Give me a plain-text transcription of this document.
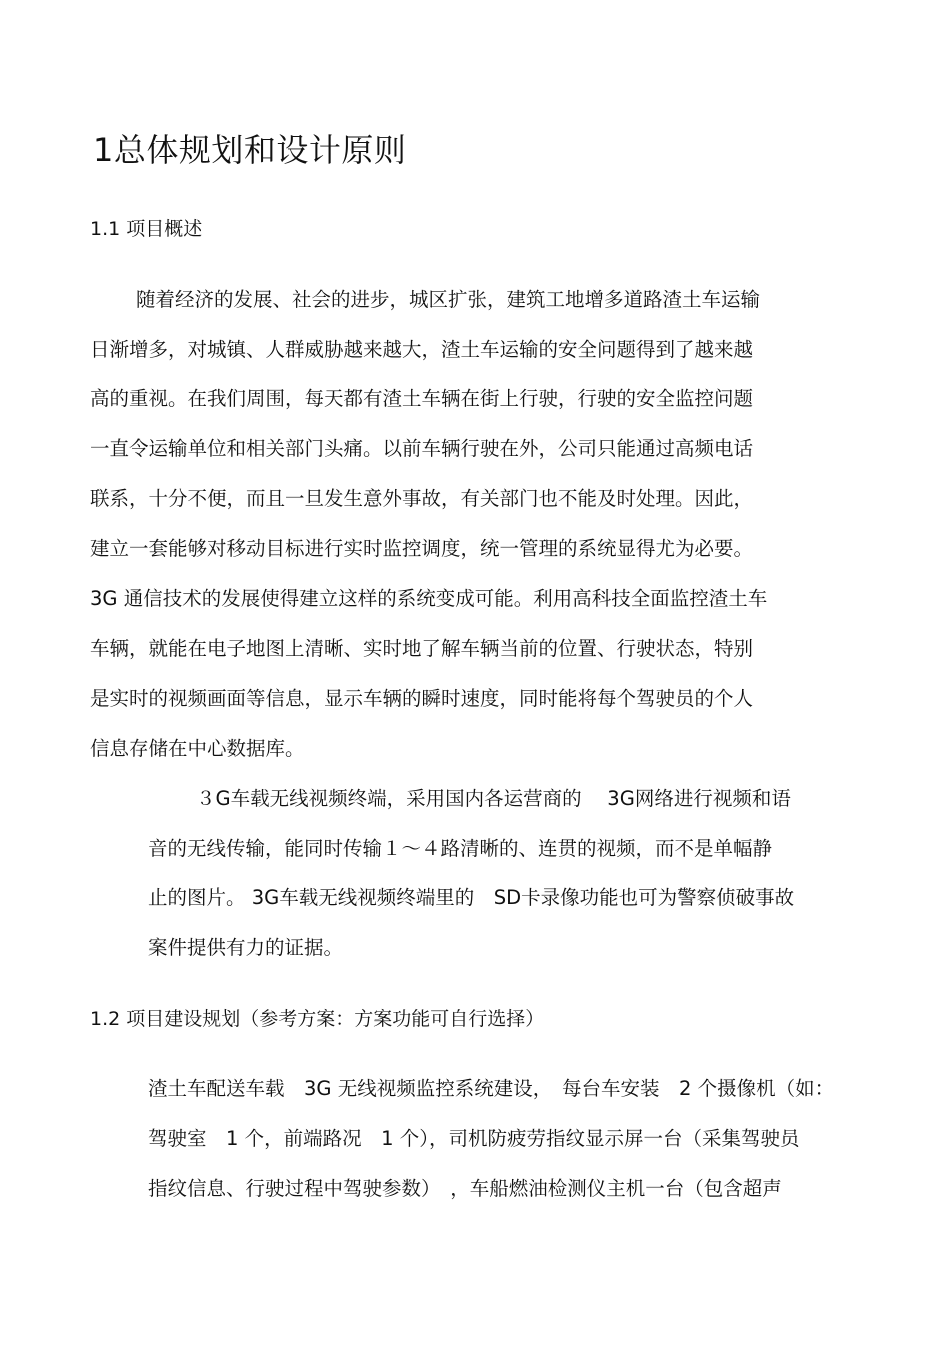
1总体规划和设计原则
1.1 项目概述
随着经济的发展、社会的进步，城区扩张，建筑工地增多道路渣土车运输
日渐增多，对城镇、人群威胁越来越大，渣土车运输的安全问题得到了越来越
高的重视。在我们周围，每天都有渣土车辆在街上行驶，行驶的安全监控问题
一直令运输单位和相关部门头痛。以前车辆行驶在外，公司只能通过高频电话
联系，十分不便，而且一旦发生意外事故，有关部门也不能及时处理。因此，
建立一套能够对移动目标进行实时监控调度，统一管理的系统显得尤为必要。
3G 通信技术的发展使得建立这样的系统变成可能。利用高科技全面监控渣土车
车辆，就能在电子地图上清晰、实时地了解车辆当前的位置、行驶状态，特别
是实时的视频画面等信息，显示车辆的瞬时速度，同时能将每个驾驶员的个人
信息存储在中心数据库。
３G车载无线视频终端，采用国内各运营商的　 3G网络进行视频和语
音的无线传输，能同时传输１～４路清晰的、连贯的视频，而不是单幅静
止的图片。 3G车载无线视频终端里的　SD卡录像功能也可为警察侦破事故
案件提供有力的证据。
1.2 项目建设规划（参考方案：方案功能可自行选择）
渣土车配送车载　3G 无线视频监控系统建设，　每台车安装　2 个摄像机（如：
驾驶室　1 个，前端路况　1 个），司机防疲劳指纹显示屏一台（采集驾驶员
指纹信息、行驶过程中驾驶参数）　，车船燃油检测仪主机一台（包含超声
